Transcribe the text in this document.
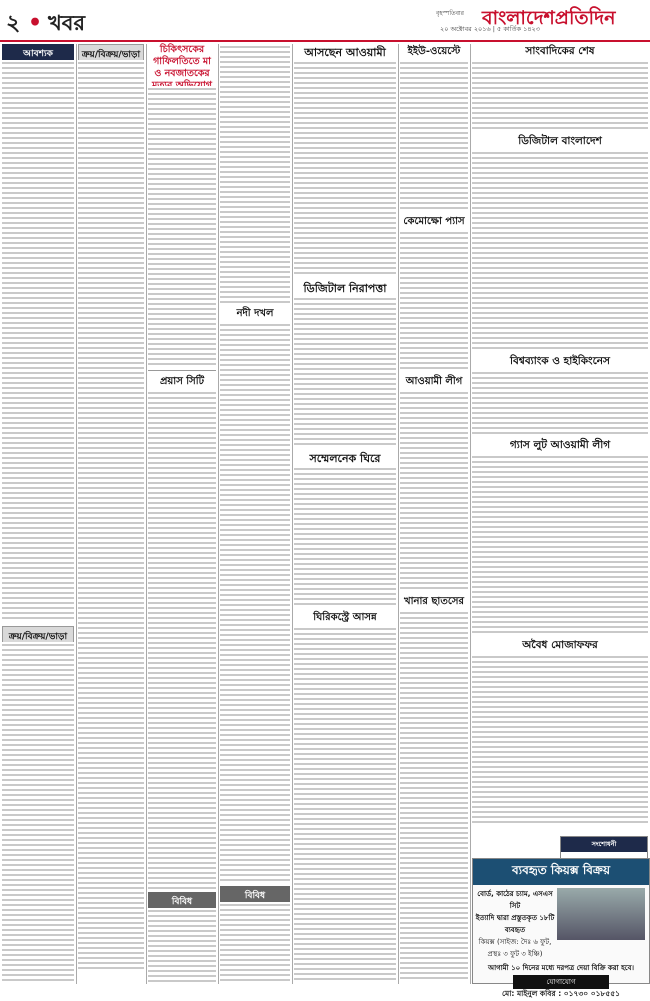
২ • খবর	বৃহস্পতিবার
২০ অক্টোবর ২০১৬ | ৫ কার্তিক ১৪২৩
বাংলাদেশপ্রতিদিন
আবশ্যক
ক্রয়/বিক্রয়/ভাড়া
ক্রয়/বিক্রয়/ভাড়া	চিকিৎসকের গাফিলতিতে মা ও নবজাতকের
প্রয়াস সিটি
বিবিধ
নদী দখল
বিবিধ
আসছেন আওয়ামী
ডিজিটাল নিরাপত্তা
সম্মেলনেক ঘিরে
ঘিরিকস্ট্রে আসন্ন
ইইউ-ওয়েস্টে
কেমোক্ষো প্যাস
আওয়ামী লীগ
খানার ছাতসের
সাংবাদিকের শেষ
ডিজিটাল বাংলাদেশ
বিশ্বব্যাংক ও হাইকিংনেস
গ্যাস লুট আওয়ামী লীগ
অবৈধ মোজাফফর
সংশোধনী
ব্যবহৃত কিয়ক্স বিক্রয়
বোর্ড, কাঠের চ্যাম, এসএস সিট
ইত্যাদি দ্বারা প্রস্তুতকৃত ১৮টি ব্যবহৃত
কিয়ক্স (সাইজ: দৈঃ ৬ ফুট, প্রস্থঃ ৩ ফুট ৩ ইঞ্চি)
আগামী ১০ দিনের মধ্যে দরপত্র দেয়া বিক্রি করা হবে।
যোগাযোগ
মো: মাইনুল কবির : ০১৭৩০ ০১৮৫৫১
